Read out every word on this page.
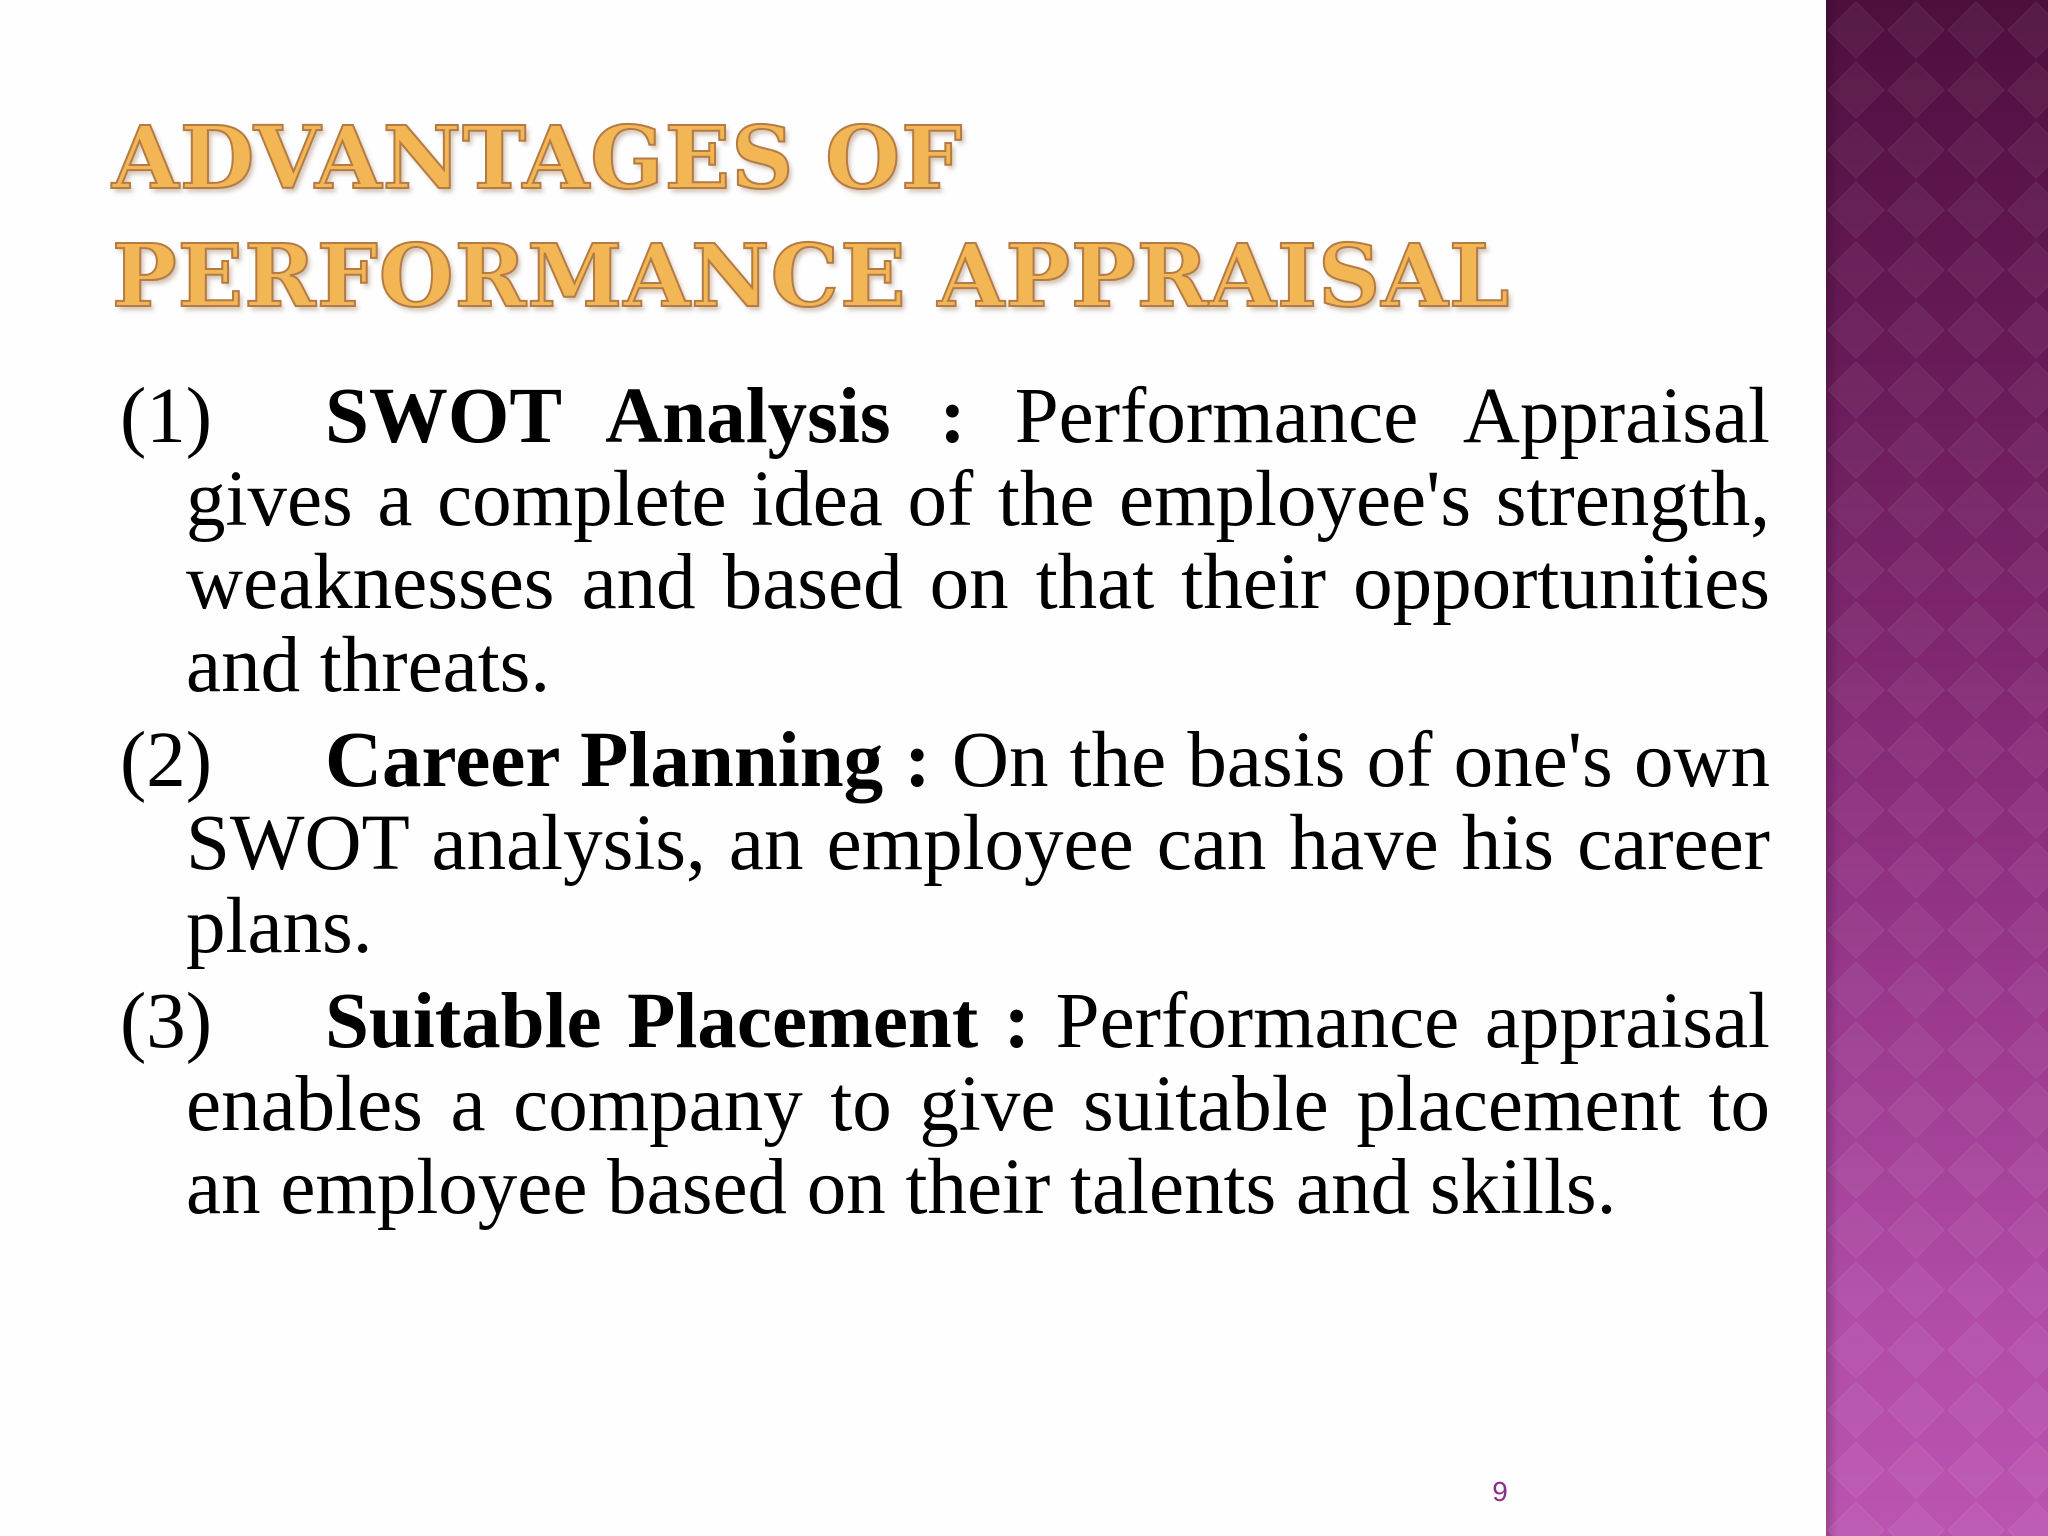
ADVANTAGES OF
PERFORMANCE APPRAISAL

(1) SWOT Analysis : Performance Appraisal gives a complete idea of the employee's strength, weaknesses and based on that their opportunities and threats.

(2) Career Planning : On the basis of one's own SWOT analysis, an employee can have his career plans.

(3) Suitable Placement : Performance appraisal enables a company to give suitable placement to an employee based on their talents and skills.

9
